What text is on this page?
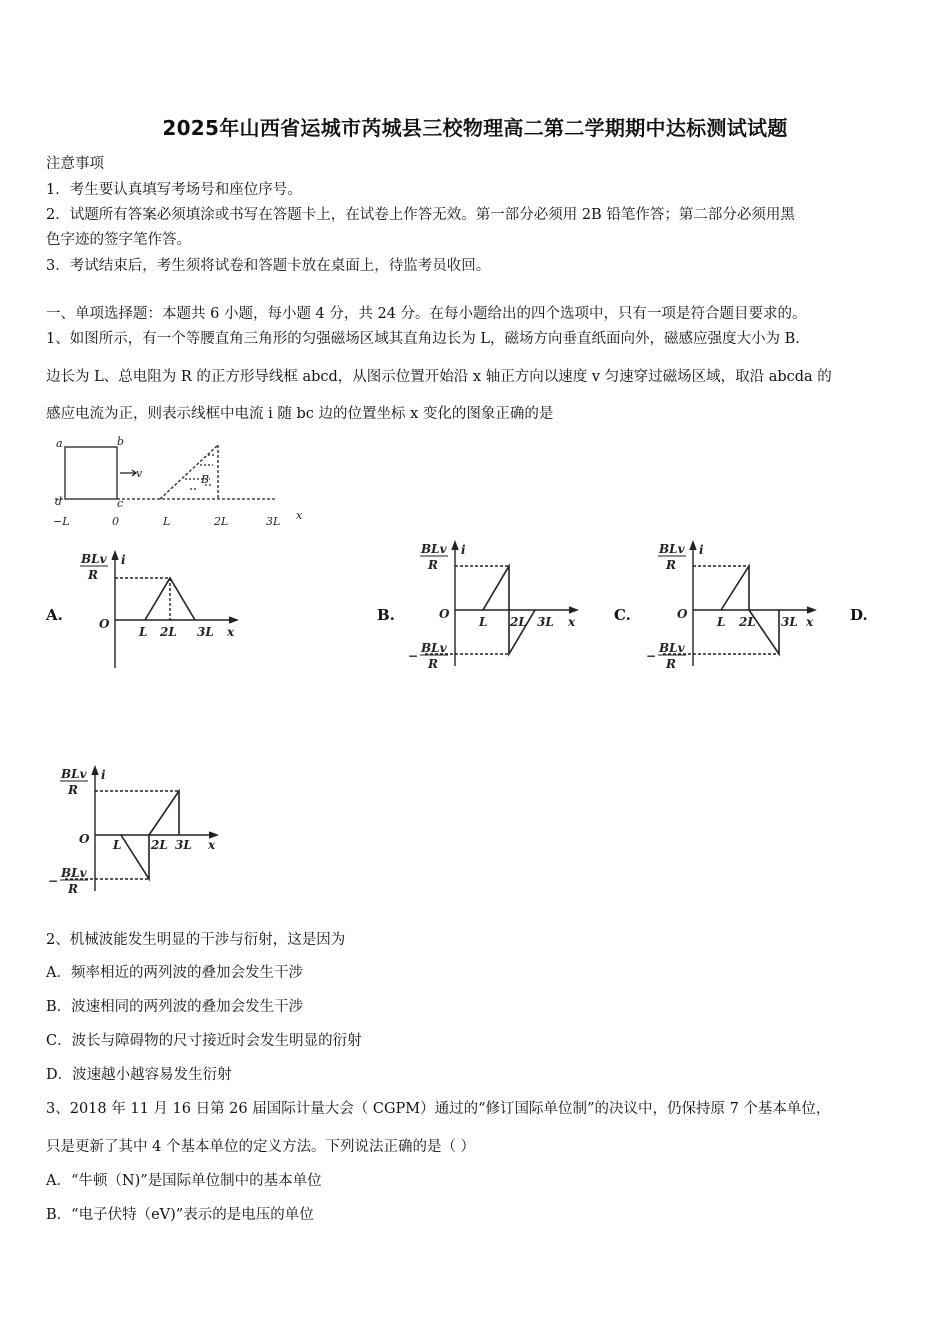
2025年山西省运城市芮城县三校物理高二第二学期期中达标测试试题
注意事项
1．考生要认真填写考场号和座位序号。
2．试题所有答案必须填涂或书写在答题卡上，在试卷上作答无效。第一部分必须用 2B 铅笔作答；第二部分必须用黑
色字迹的签字笔作答。
3．考试结束后，考生须将试卷和答题卡放在桌面上，待监考员收回。
一、单项选择题：本题共 6 小题，每小题 4 分，共 24 分。在每小题给出的四个选项中，只有一项是符合题目要求的。
1、如图所示，有一个等腰直角三角形的匀强磁场区域其直角边长为 L，磁场方向垂直纸面向外，磁感应强度大小为 B.
边长为 L、总电阻为 R 的正方形导线框 abcd，从图示位置开始沿 x 轴正方向以速度 v 匀速穿过磁场区域，取沿 abcda 的
感应电流为正，则表示线框中电流 i 随 bc 边的位置坐标 x 变化的图象正确的是
a	b
c
d
v	B
x
−L	0	L	2L	3L
A.	B.	C.	D.
BLv
R
i
O
L 2L 3L x
BLv
R
i
O
L 2L 3L x
−
BLv
R
BLv
R
i
O
L 2L 3L x
−
BLv
R
BLv
R
i
O L 2L 3L x
−
BLv
R
2、机械波能发生明显的干涉与衍射，这是因为
A．频率相近的两列波的叠加会发生干涉
B．波速相同的两列波的叠加会发生干涉
C．波长与障碍物的尺寸接近时会发生明显的衍射
D．波速越小越容易发生衍射
3、2018 年 11 月 16 日第 26 届国际计量大会（ CGPM）通过的“修订国际单位制”的决议中，仍保持原 7 个基本单位，
只是更新了其中 4 个基本单位的定义方法。下列说法正确的是（ ）
A．“牛顿（N)”是国际单位制中的基本单位
B．“电子伏特（eV)”表示的是电压的单位
